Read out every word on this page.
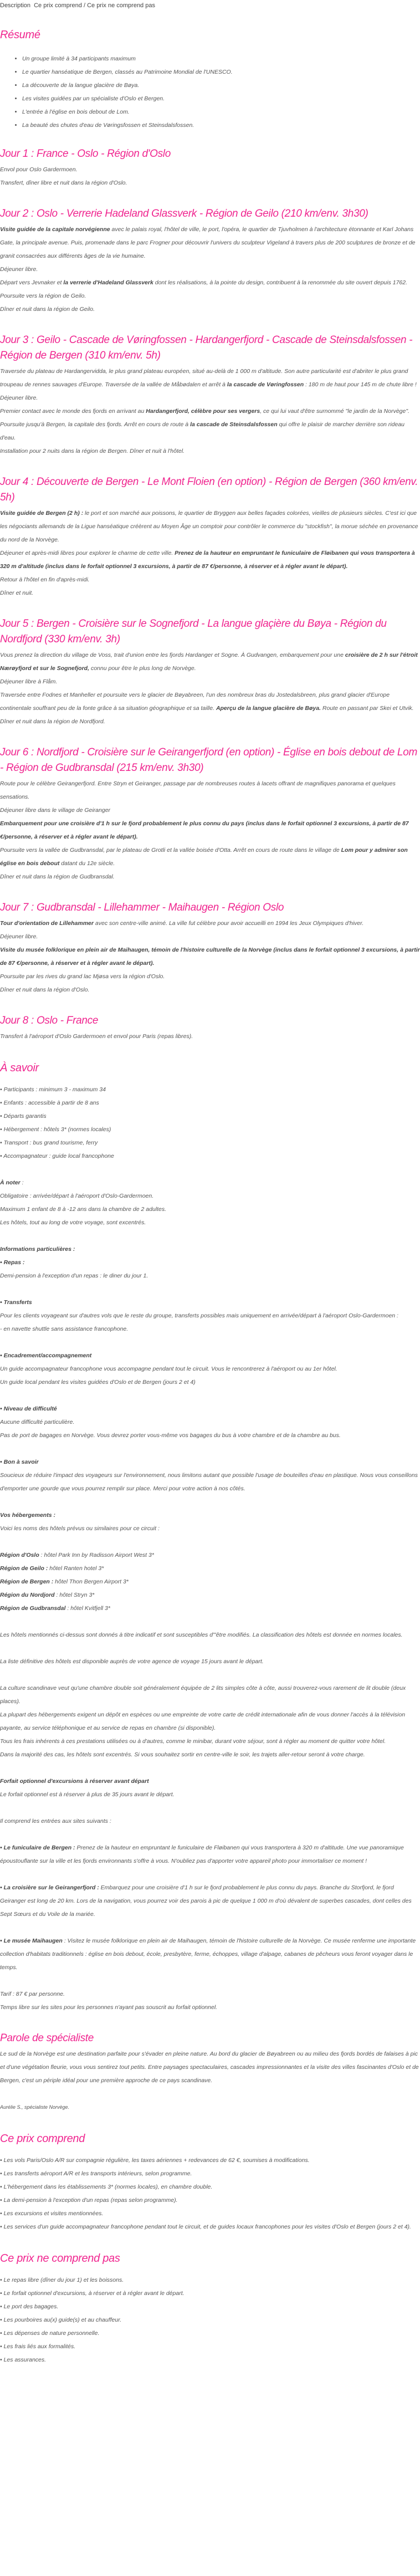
Description Ce prix comprend / Ce prix ne comprend pas
Résumé
• Un groupe limité à 34 participants maximum
• Le quartier hanséatique de Bergen, classés au Patrimoine Mondial de l'UNESCO.
• La découverte de la langue glacière de Bøya.
• Les visites guidées par un spécialiste d'Oslo et Bergen.
• L'entrée à l'église en bois debout de Lom.
• La beauté des chutes d'eau de Vøringsfossen et Steinsdalsfossen.
Jour 1 : France - Oslo - Région d'Oslo

Envol pour Oslo Gardermoen.

Transfert, dîner libre et nuit dans la région d'Oslo.

Jour 2 : Oslo - Verrerie Hadeland Glassverk - Région de Geilo (210 km/env. 3h30)

Visite guidée de la capitale norvégienne avec le palais royal, l'hôtel de ville, le port, l'opéra, le quartier de Tjuvholmen à l'architecture étonnante et Karl Johans Gate, la principale avenue. Puis, promenade dans le parc Frogner pour découvrir l'univers du sculpteur Vigeland à travers plus de 200 sculptures de bronze et de granit consacrées aux différents âges de la vie humaine.

Déjeuner libre.

Départ vers Jevnaker et la verrerie d'Hadeland Glassverk dont les réalisations, à la pointe du design, contribuent à la renommée du site ouvert depuis 1762. Poursuite vers la région de Geilo.

Dîner et nuit dans la région de Geilo.

Jour 3 : Geilo - Cascade de Vøringfossen - Hardangerfjord - Cascade de Steinsdalsfossen - Région de Bergen (310 km/env. 5h)

Traversée du plateau de Hardangervidda, le plus grand plateau européen, situé au-delà de 1 000 m d'altitude. Son autre particularité est d'abriter le plus grand troupeau de rennes sauvages d'Europe. Traversée de la vallée de Måbødalen et arrêt à la cascade de Vøringfossen : 180 m de haut pour 145 m de chute libre !

Déjeuner libre.

Premier contact avec le monde des fjords en arrivant au Hardangerfjord, célèbre pour ses vergers, ce qui lui vaut d'être surnommé "le jardin de la Norvège". Poursuite jusqu'à Bergen, la capitale des fjords. Arrêt en cours de route à la cascade de Steinsdalsfossen qui offre le plaisir de marcher derrière son rideau d'eau.

Installation pour 2 nuits dans la région de Bergen. Dîner et nuit à l'hôtel.

Jour 4 : Découverte de Bergen - Le Mont Floien (en option) - Région de Bergen (360 km/env. 5h)

Visite guidée de Bergen (2 h) : le port et son marché aux poissons, le quartier de Bryggen aux belles façades colorées, vieilles de plusieurs siècles. C'est ici que les négociants allemands de la Ligue hanséatique créèrent au Moyen Âge un comptoir pour contrôler le commerce du "stockfish", la morue séchée en provenance du nord de la Norvège.

Déjeuner et après-midi libres pour explorer le charme de cette ville. Prenez de la hauteur en empruntant le funiculaire de Fløibanen qui vous transportera à 320 m d'altitude (inclus dans le forfait optionnel 3 excursions, à partir de 87 €/personne, à réserver et à régler avant le départ).

Retour à l'hôtel en fin d'après-midi.

Dîner et nuit.

Jour 5 : Bergen - Croisière sur le Sognefjord - La langue glaçière du Bøya - Région du Nordfjord (330 km/env. 3h)

Vous prenez la direction du village de Voss, trait d'union entre les fjords Hardanger et Sogne. À Gudvangen, embarquement pour une croisière de 2 h sur l'étroit Nærøyfjord et sur le Sognefjord, connu pour être le plus long de Norvège.

Déjeuner libre à Flåm.

Traversée entre Fodnes et Manheller et poursuite vers le glacier de Bøyabreen, l'un des nombreux bras du Jostedalsbreen, plus grand glacier d'Europe continentale souffrant peu de la fonte grâce à sa situation géographique et sa taille. Aperçu de la langue glacière de Bøya. Route en passant par Skei et Utvik.

Dîner et nuit dans la région de Nordfjord.

Jour 6 : Nordfjord - Croisière sur le Geirangerfjord (en option) - Église en bois debout de Lom - Région de Gudbransdal (215 km/env. 3h30)

Route pour le célèbre Geirangerfjord. Entre Stryn et Geiranger, passage par de nombreuses routes à lacets offrant de magnifiques panorama et quelques sensations.

Déjeuner libre dans le village de Geiranger

Embarquement pour une croisière d'1 h sur le fjord probablement le plus connu du pays (inclus dans le forfait optionnel 3 excursions, à partir de 87 €/personne, à réserver et à régler avant le départ).

Poursuite vers la vallée de Gudbransdal, par le plateau de Grotli et la vallée boisée d'Otta. Arrêt en cours de route dans le village de Lom pour y admirer son église en bois debout datant du 12e siècle.

Dîner et nuit dans la région de Gudbransdal.

Jour 7 : Gudbransdal - Lillehammer - Maihaugen - Région Oslo

Tour d'orientation de Lillehammer avec son centre-ville animé. La ville fut célèbre pour avoir accueilli en 1994 les Jeux Olympiques d'hiver.

Déjeuner libre.

Visite du musée folklorique en plein air de Maihaugen, témoin de l'histoire culturelle de la Norvège (inclus dans le forfait optionnel 3 excursions, à partir de 87 €/personne, à réserver et à régler avant le départ).

Poursuite par les rives du grand lac Mjøsa vers la région d'Oslo.

Dîner et nuit dans la région d'Oslo.

Jour 8 : Oslo - France

Transfert à l'aéroport d'Oslo Gardermoen et envol pour Paris (repas libres).

À savoir

• Participants : minimum 3 - maximum 34

• Enfants : accessible à partir de 8 ans

• Départs garantis

• Hébergement : hôtels 3* (normes locales)

• Transport : bus grand tourisme, ferry

• Accompagnateur : guide local francophone

À noter :

Obligatoire : arrivée/départ à l'aéroport d'Oslo-Gardermoen.

Maximum 1 enfant de 8 à -12 ans dans la chambre de 2 adultes.

Les hôtels, tout au long de votre voyage, sont excentrés.

Informations particulières :

• Repas :

Demi-pension à l'exception d'un repas : le diner du jour 1.

• Transferts

Pour les clients voyageant sur d'autres vols que le reste du groupe, transferts possibles mais uniquement en arrivée/départ à l'aéroport Oslo-Gardermoen :

- en navette shuttle sans assistance francophone.

• Encadrement/accompagnement

Un guide accompagnateur francophone vous accompagne pendant tout le circuit. Vous le rencontrerez à l'aéroport ou au 1er hôtel.

Un guide local pendant les visites guidées d'Oslo et de Bergen (jours 2 et 4)

• Niveau de difficulté

Aucune difficulté particulière.

Pas de port de bagages en Norvège. Vous devrez porter vous-même vos bagages du bus à votre chambre et de la chambre au bus.

• Bon à savoir

Soucieux de réduire l'impact des voyageurs sur l'environnement, nous limitons autant que possible l'usage de bouteilles d'eau en plastique. Nous vous conseillons d'emporter une gourde que vous pourrez remplir sur place. Merci pour votre action à nos côtés.

Vos hébergements :

Voici les noms des hôtels prévus ou similaires pour ce circuit :

Région d'Oslo : hôtel Park Inn by Radisson Airport West 3*

Région de Geilo : hôtel Ranten hotel 3*

Région de Bergen : hôtel Thon Bergen Airport 3*

Région du Nordjord : hôtel Stryn 3*

Région de Gudbransdal : hôtel Kvitfjell 3*

Les hôtels mentionnés ci-dessus sont donnés à titre indicatif et sont susceptibles d'"être modifiés. La classification des hôtels est donnée en normes locales.

La liste définitive des hôtels est disponible auprès de votre agence de voyage 15 jours avant le départ.

La culture scandinave veut qu'une chambre double soit généralement équipée de 2 lits simples côte à côte, aussi trouverez-vous rarement de lit double (deux places).

La plupart des hébergements exigent un dépôt en espèces ou une empreinte de votre carte de crédit internationale afin de vous donner l'accès à la télévision payante, au service téléphonique et au service de repas en chambre (si disponible).

Tous les frais inhérents à ces prestations utilisées ou à d'autres, comme le minibar, durant votre séjour, sont à régler au moment de quitter votre hôtel.

Dans la majorité des cas, les hôtels sont excentrés. Si vous souhaitez sortir en centre-ville le soir, les trajets aller-retour seront à votre charge.

Forfait optionnel d'excursions à réserver avant départ

Le forfait optionnel est à réserver à plus de 35 jours avant le départ.

Il comprend les entrées aux sites suivants :

• Le funiculaire de Bergen : Prenez de la hauteur en empruntant le funiculaire de Fløibanen qui vous transportera à 320 m d'altitude. Une vue panoramique époustouflante sur la ville et les fjords environnants s'offre à vous. N'oubliez pas d'apporter votre appareil photo pour immortaliser ce moment !

• La croisière sur le Geirangerfjord : Embarquez pour une croisière d'1 h sur le fjord probablement le plus connu du pays. Branche du Storfjord, le fjord Geiranger est long de 20 km. Lors de la navigation, vous pourrez voir des parois à pic de quelque 1 000 m d'où dévalent de superbes cascades, dont celles des Sept Sœurs et du Voile de la mariée.

• Le musée Maihaugen : Visitez le musée folklorique en plein air de Maihaugen, témoin de l'histoire culturelle de la Norvège. Ce musée renferme une importante collection d'habitats traditionnels : église en bois debout, école, presbytère, ferme, échoppes, village d'alpage, cabanes de pêcheurs vous feront voyager dans le temps.

Tarif : 87 € par personne.

Temps libre sur les sites pour les personnes n'ayant pas souscrit au forfait optionnel.

Parole de spécialiste

Le sud de la Norvège est une destination parfaite pour s'évader en pleine nature. Au bord du glacier de Bøyabreen ou au milieu des fjords bordés de falaises à pic et d'une végétation fleurie, vous vous sentirez tout petits. Entre paysages spectaculaires, cascades impressionnantes et la visite des villes fascinantes d'Oslo et de Bergen, c'est un périple idéal pour une première approche de ce pays scandinave.

Aurélie S., spécialiste Norvège.

Ce prix comprend

• Les vols Paris/Oslo A/R sur compagnie régulière, les taxes aériennes + redevances de 62 €, soumises à modifications.

• Les transferts aéroport A/R et les transports intérieurs, selon programme.

• L'hébergement dans les établissements 3* (normes locales), en chambre double.

• La demi-pension à l'exception d'un repas (repas selon programme).

• Les excursions et visites mentionnées.

• Les services d'un guide accompagnateur francophone pendant tout le circuit, et de guides locaux francophones pour les visites d'Oslo et Bergen (jours 2 et 4).

Ce prix ne comprend pas

• Le repas libre (dîner du jour 1) et les boissons.

• Le forfait optionnel d'excursions, à réserver et à régler avant le départ.

• Le port des bagages.

• Les pourboires au(x) guide(s) et au chauffeur.

• Les dépenses de nature personnelle.

• Les frais liés aux formalités.

• Les assurances.
